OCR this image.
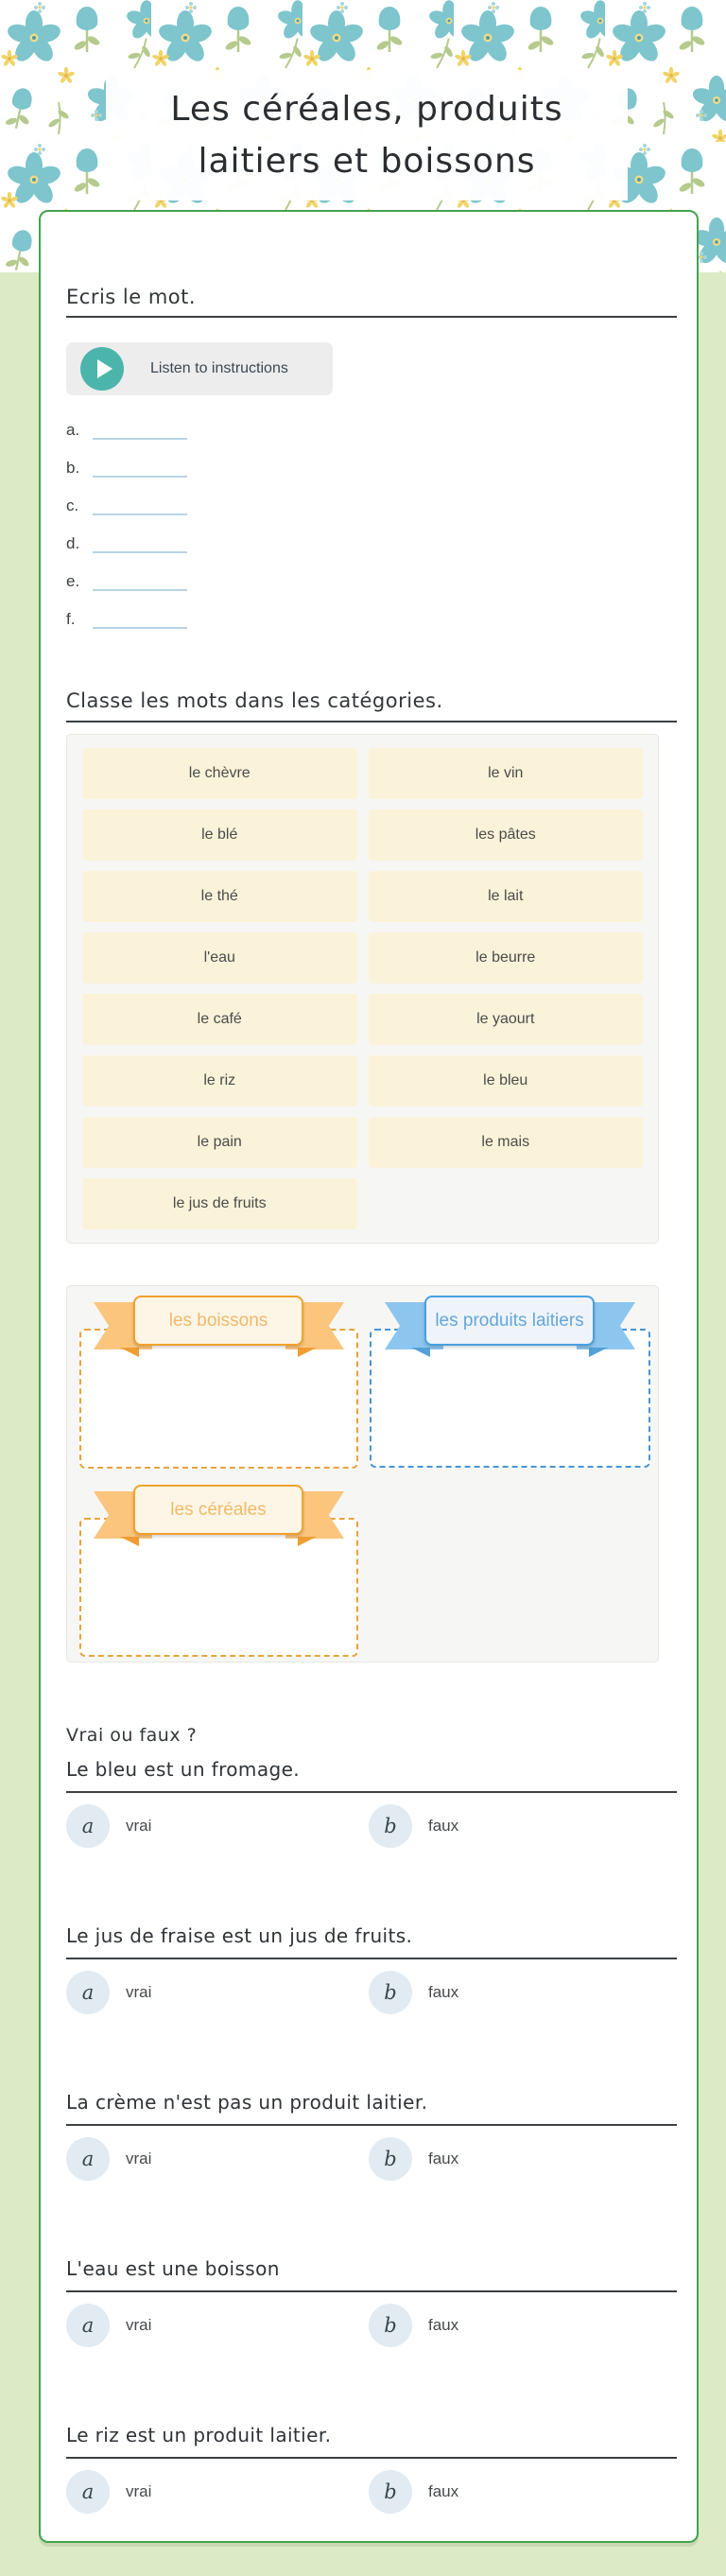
Les céréales, produits
laitiers et boissons
Ecris le mot.
Listen to instructions
a.
b.
c.
d.
e.
f.
Classe les mots dans les catégories.
le chèvre
le blé
le thé
l'eau
le café
le riz
le pain
le jus de fruits
le vin
les pâtes
le lait
le beurre
le yaourt
le bleu
le mais
les boissons	les produits laitiers
les céréales
Vrai ou faux ?
Le bleu est un fromage.
a	vrai	b	faux
Le jus de fraise est un jus de fruits.
a	vrai	b	faux
La crème n'est pas un produit laitier.
a	vrai	b	faux
L'eau est une boisson
a	vrai	b	faux
Le riz est un produit laitier.
a	vrai	b	faux
